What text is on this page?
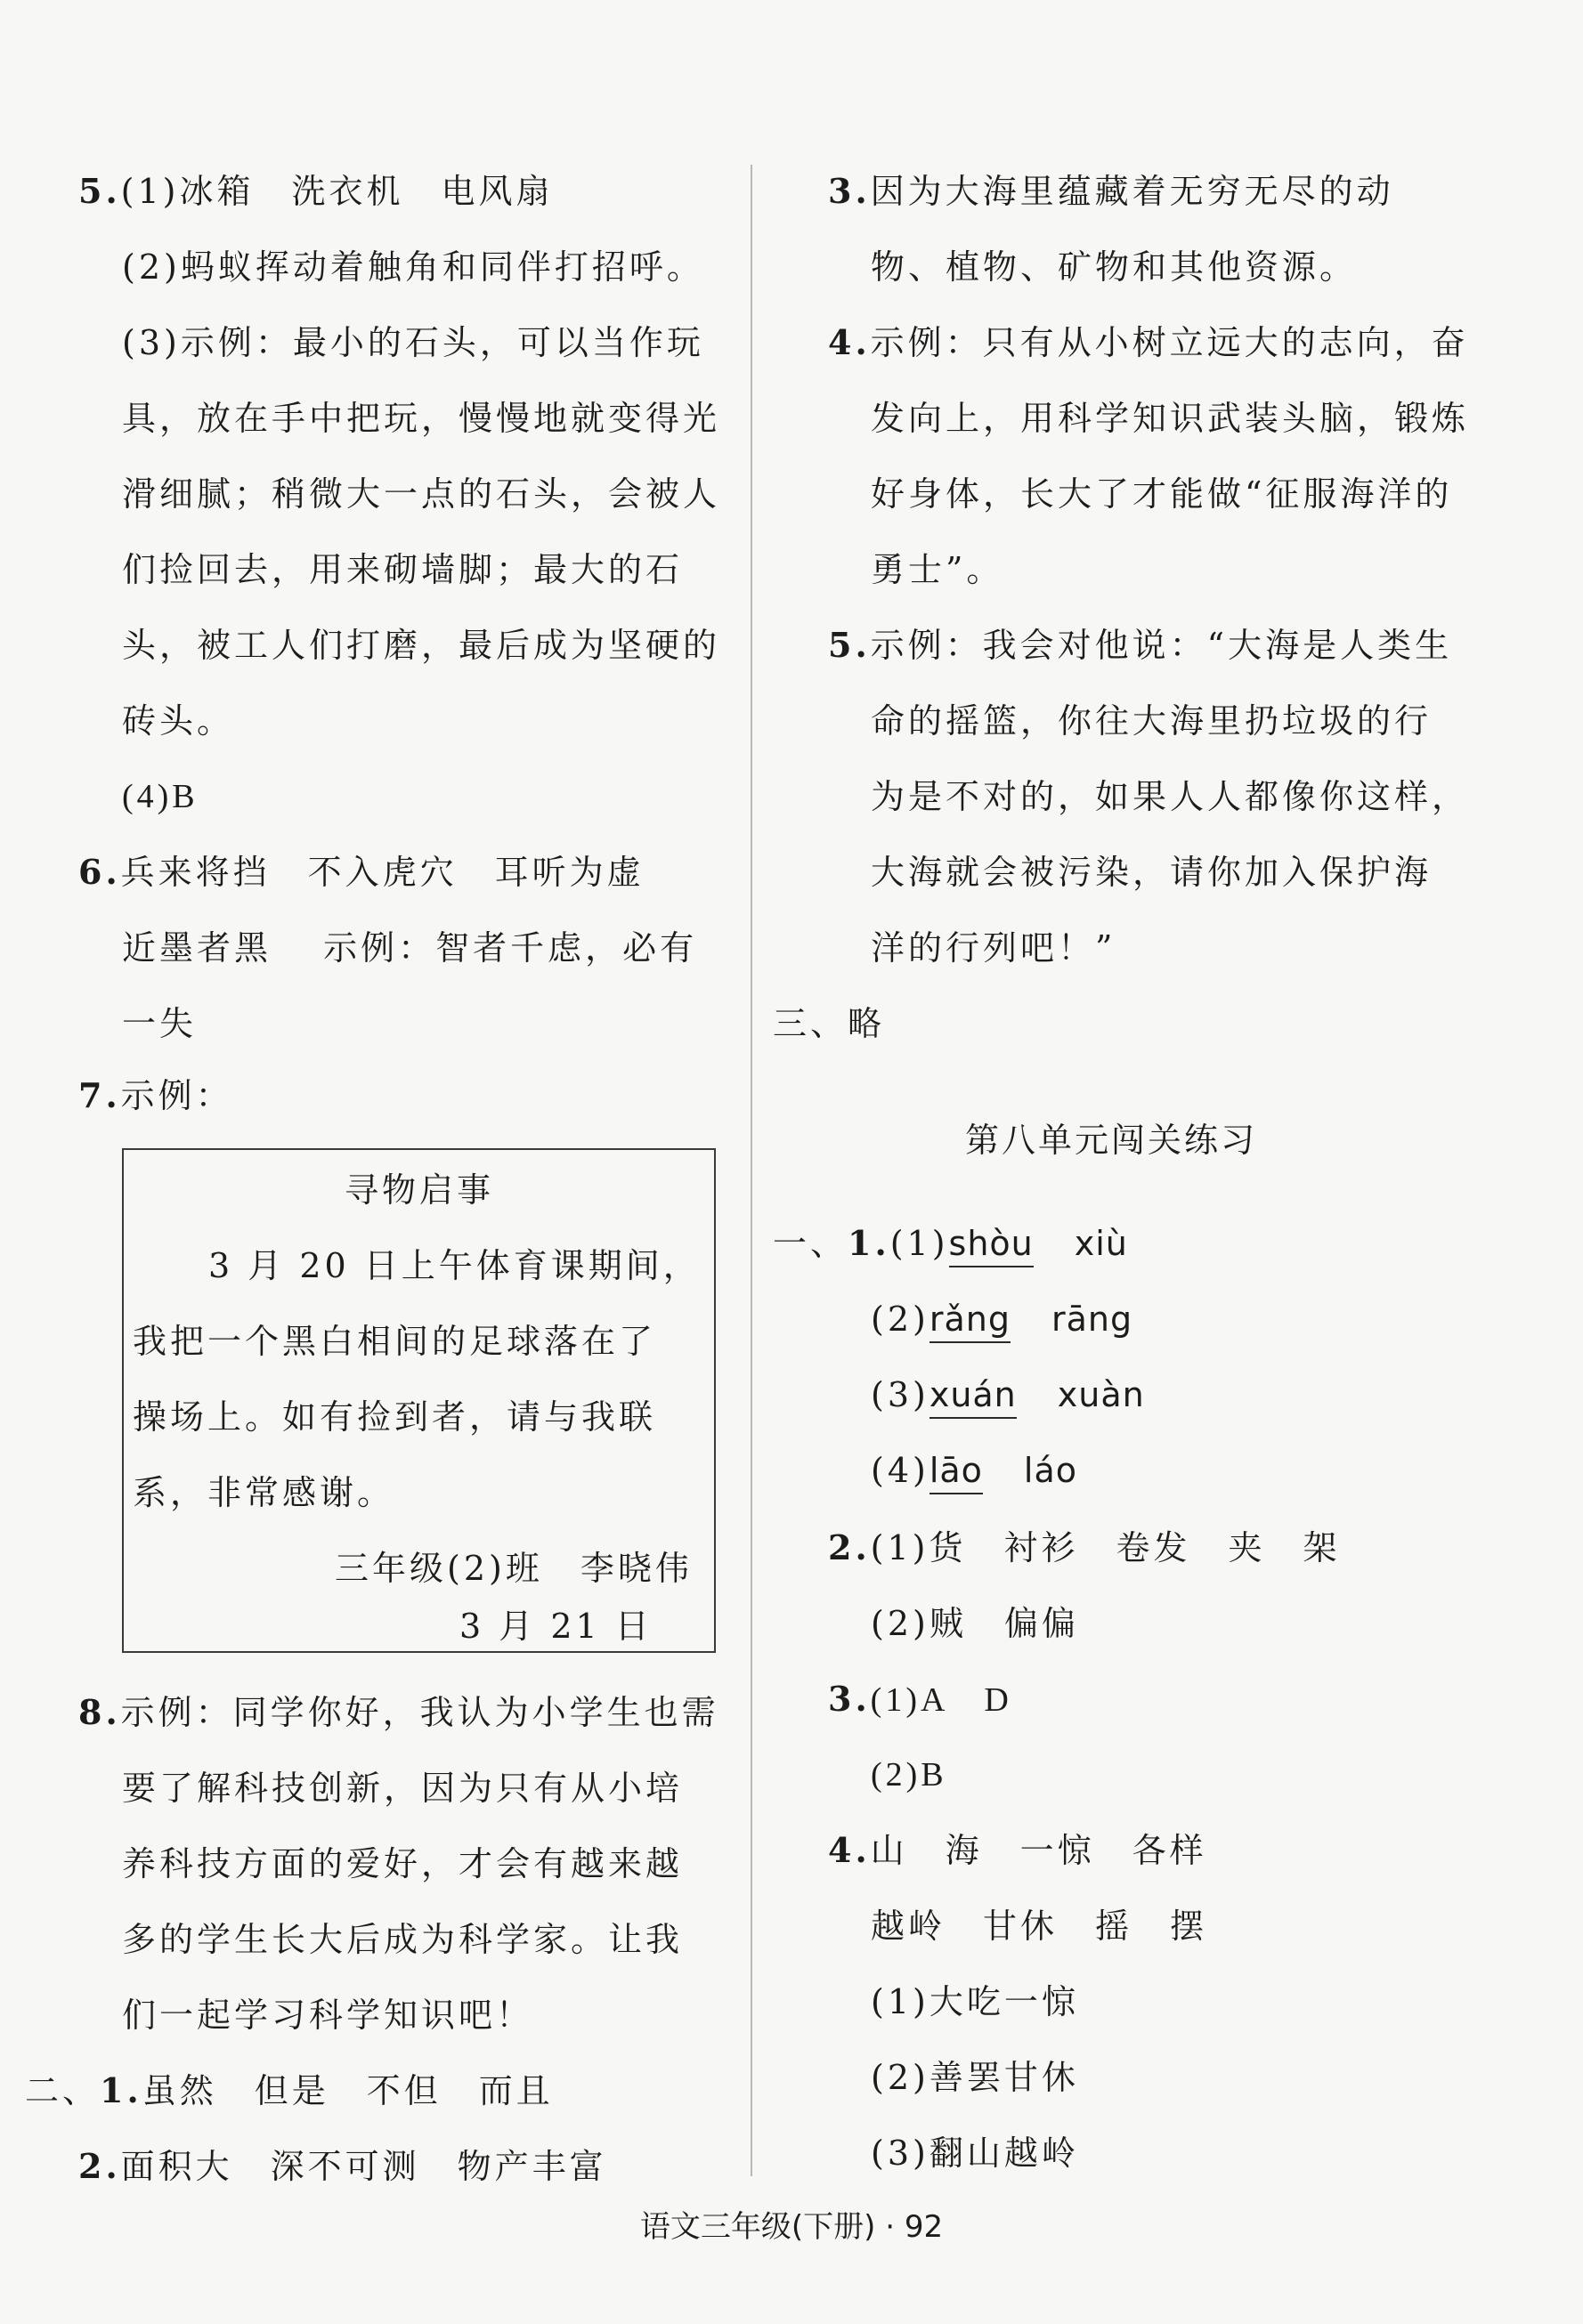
5.(1)冰箱　洗衣机　电风扇
(2)蚂蚁挥动着触角和同伴打招呼。
(3)示例：最小的石头，可以当作玩
具，放在手中把玩，慢慢地就变得光
滑细腻；稍微大一点的石头，会被人
们捡回去，用来砌墙脚；最大的石
头，被工人们打磨，最后成为坚硬的
砖头。
(4)B
6.兵来将挡　不入虎穴　耳听为虚
近墨者黑　 示例：智者千虑，必有
一失
7.示例：
寻物启事
3 月 20 日上午体育课期间，
我把一个黑白相间的足球落在了
操场上。如有捡到者，请与我联
系，非常感谢。
三年级(2)班　李晓伟
3 月 21 日
8.示例：同学你好，我认为小学生也需
要了解科技创新，因为只有从小培
养科技方面的爱好，才会有越来越
多的学生长大后成为科学家。让我
们一起学习科学知识吧！
二、1.虽然　但是　不但　而且
2.面积大　深不可测　物产丰富
3.因为大海里蕴藏着无穷无尽的动
物、植物、矿物和其他资源。
4.示例：只有从小树立远大的志向，奋
发向上，用科学知识武装头脑，锻炼
好身体，长大了才能做“征服海洋的
勇士”。
5.示例：我会对他说：“大海是人类生
命的摇篮，你往大海里扔垃圾的行
为是不对的，如果人人都像你这样，
大海就会被污染，请你加入保护海
洋的行列吧！”
三、略
第八单元闯关练习
一、1.(1)shòu xiù
(2)rǎng rāng
(3)xuán xuàn
(4)lāo láo
2.(1)货　衬衫　卷发　夹　架
(2)贼　偏偏
3.(1)A　D
(2)B
4.山　海　一惊　各样
越岭　甘休　摇　摆
(1)大吃一惊
(2)善罢甘休
(3)翻山越岭
语文三年级(下册) · 92
